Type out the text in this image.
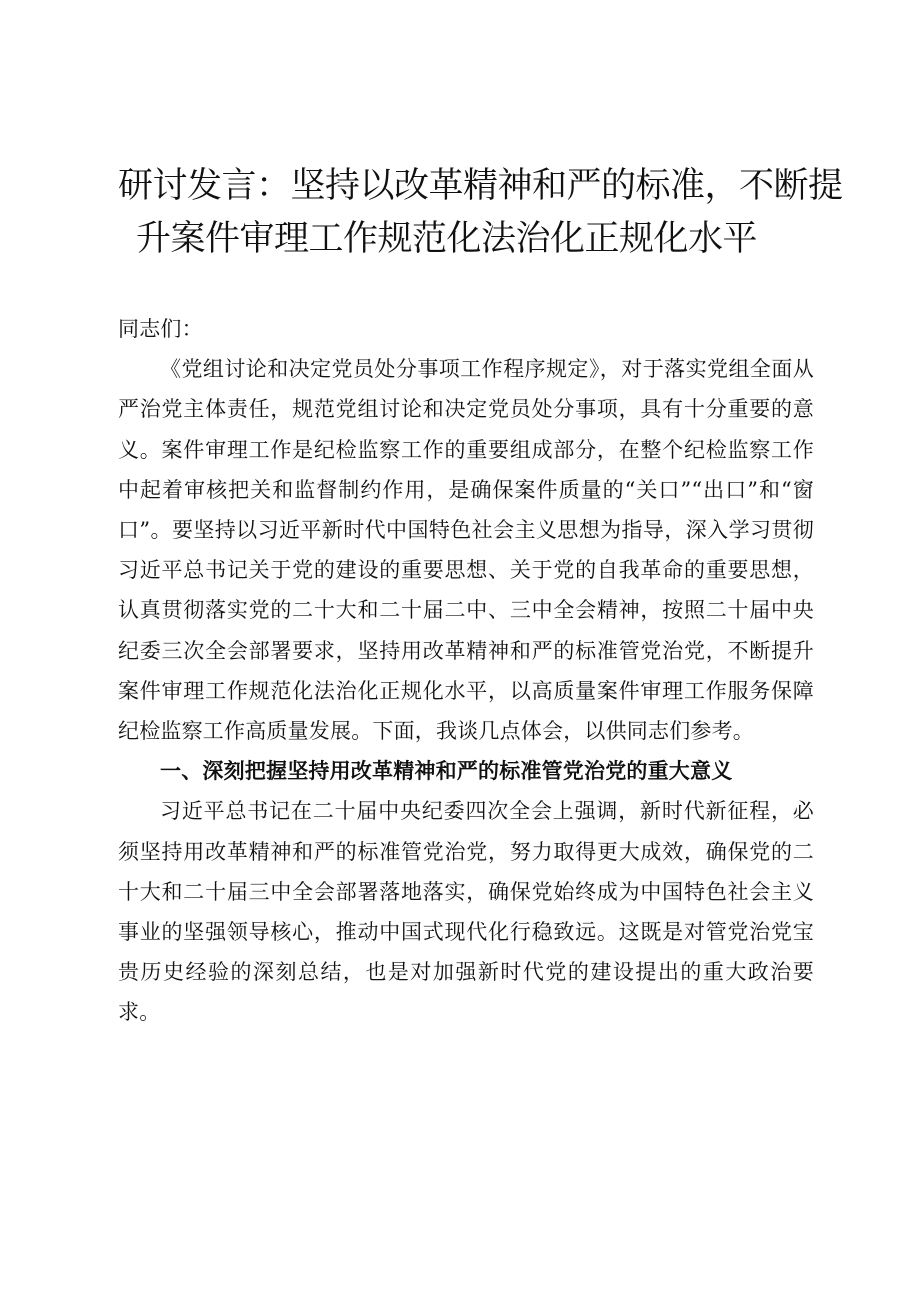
研讨发言：坚持以改革精神和严的标准，不断提
升案件审理工作规范化法治化正规化水平

同志们：

《党组讨论和决定党员处分事项工作程序规定》，对于落实党组全面从严治党主体责任，规范党组讨论和决定党员处分事项，具有十分重要的意义。案件审理工作是纪检监察工作的重要组成部分，在整个纪检监察工作中起着审核把关和监督制约作用，是确保案件质量的“关口”“出口”和“窗口”。要坚持以习近平新时代中国特色社会主义思想为指导，深入学习贯彻习近平总书记关于党的建设的重要思想、关于党的自我革命的重要思想，认真贯彻落实党的二十大和二十届二中、三中全会精神，按照二十届中央纪委三次全会部署要求，坚持用改革精神和严的标准管党治党，不断提升案件审理工作规范化法治化正规化水平，以高质量案件审理工作服务保障纪检监察工作高质量发展。下面，我谈几点体会，以供同志们参考。

一、深刻把握坚持用改革精神和严的标准管党治党的重大意义

习近平总书记在二十届中央纪委四次全会上强调，新时代新征程，必须坚持用改革精神和严的标准管党治党，努力取得更大成效，确保党的二十大和二十届三中全会部署落地落实，确保党始终成为中国特色社会主义事业的坚强领导核心，推动中国式现代化行稳致远。这既是对管党治党宝贵历史经验的深刻总结，也是对加强新时代党的建设提出的重大政治要求。
